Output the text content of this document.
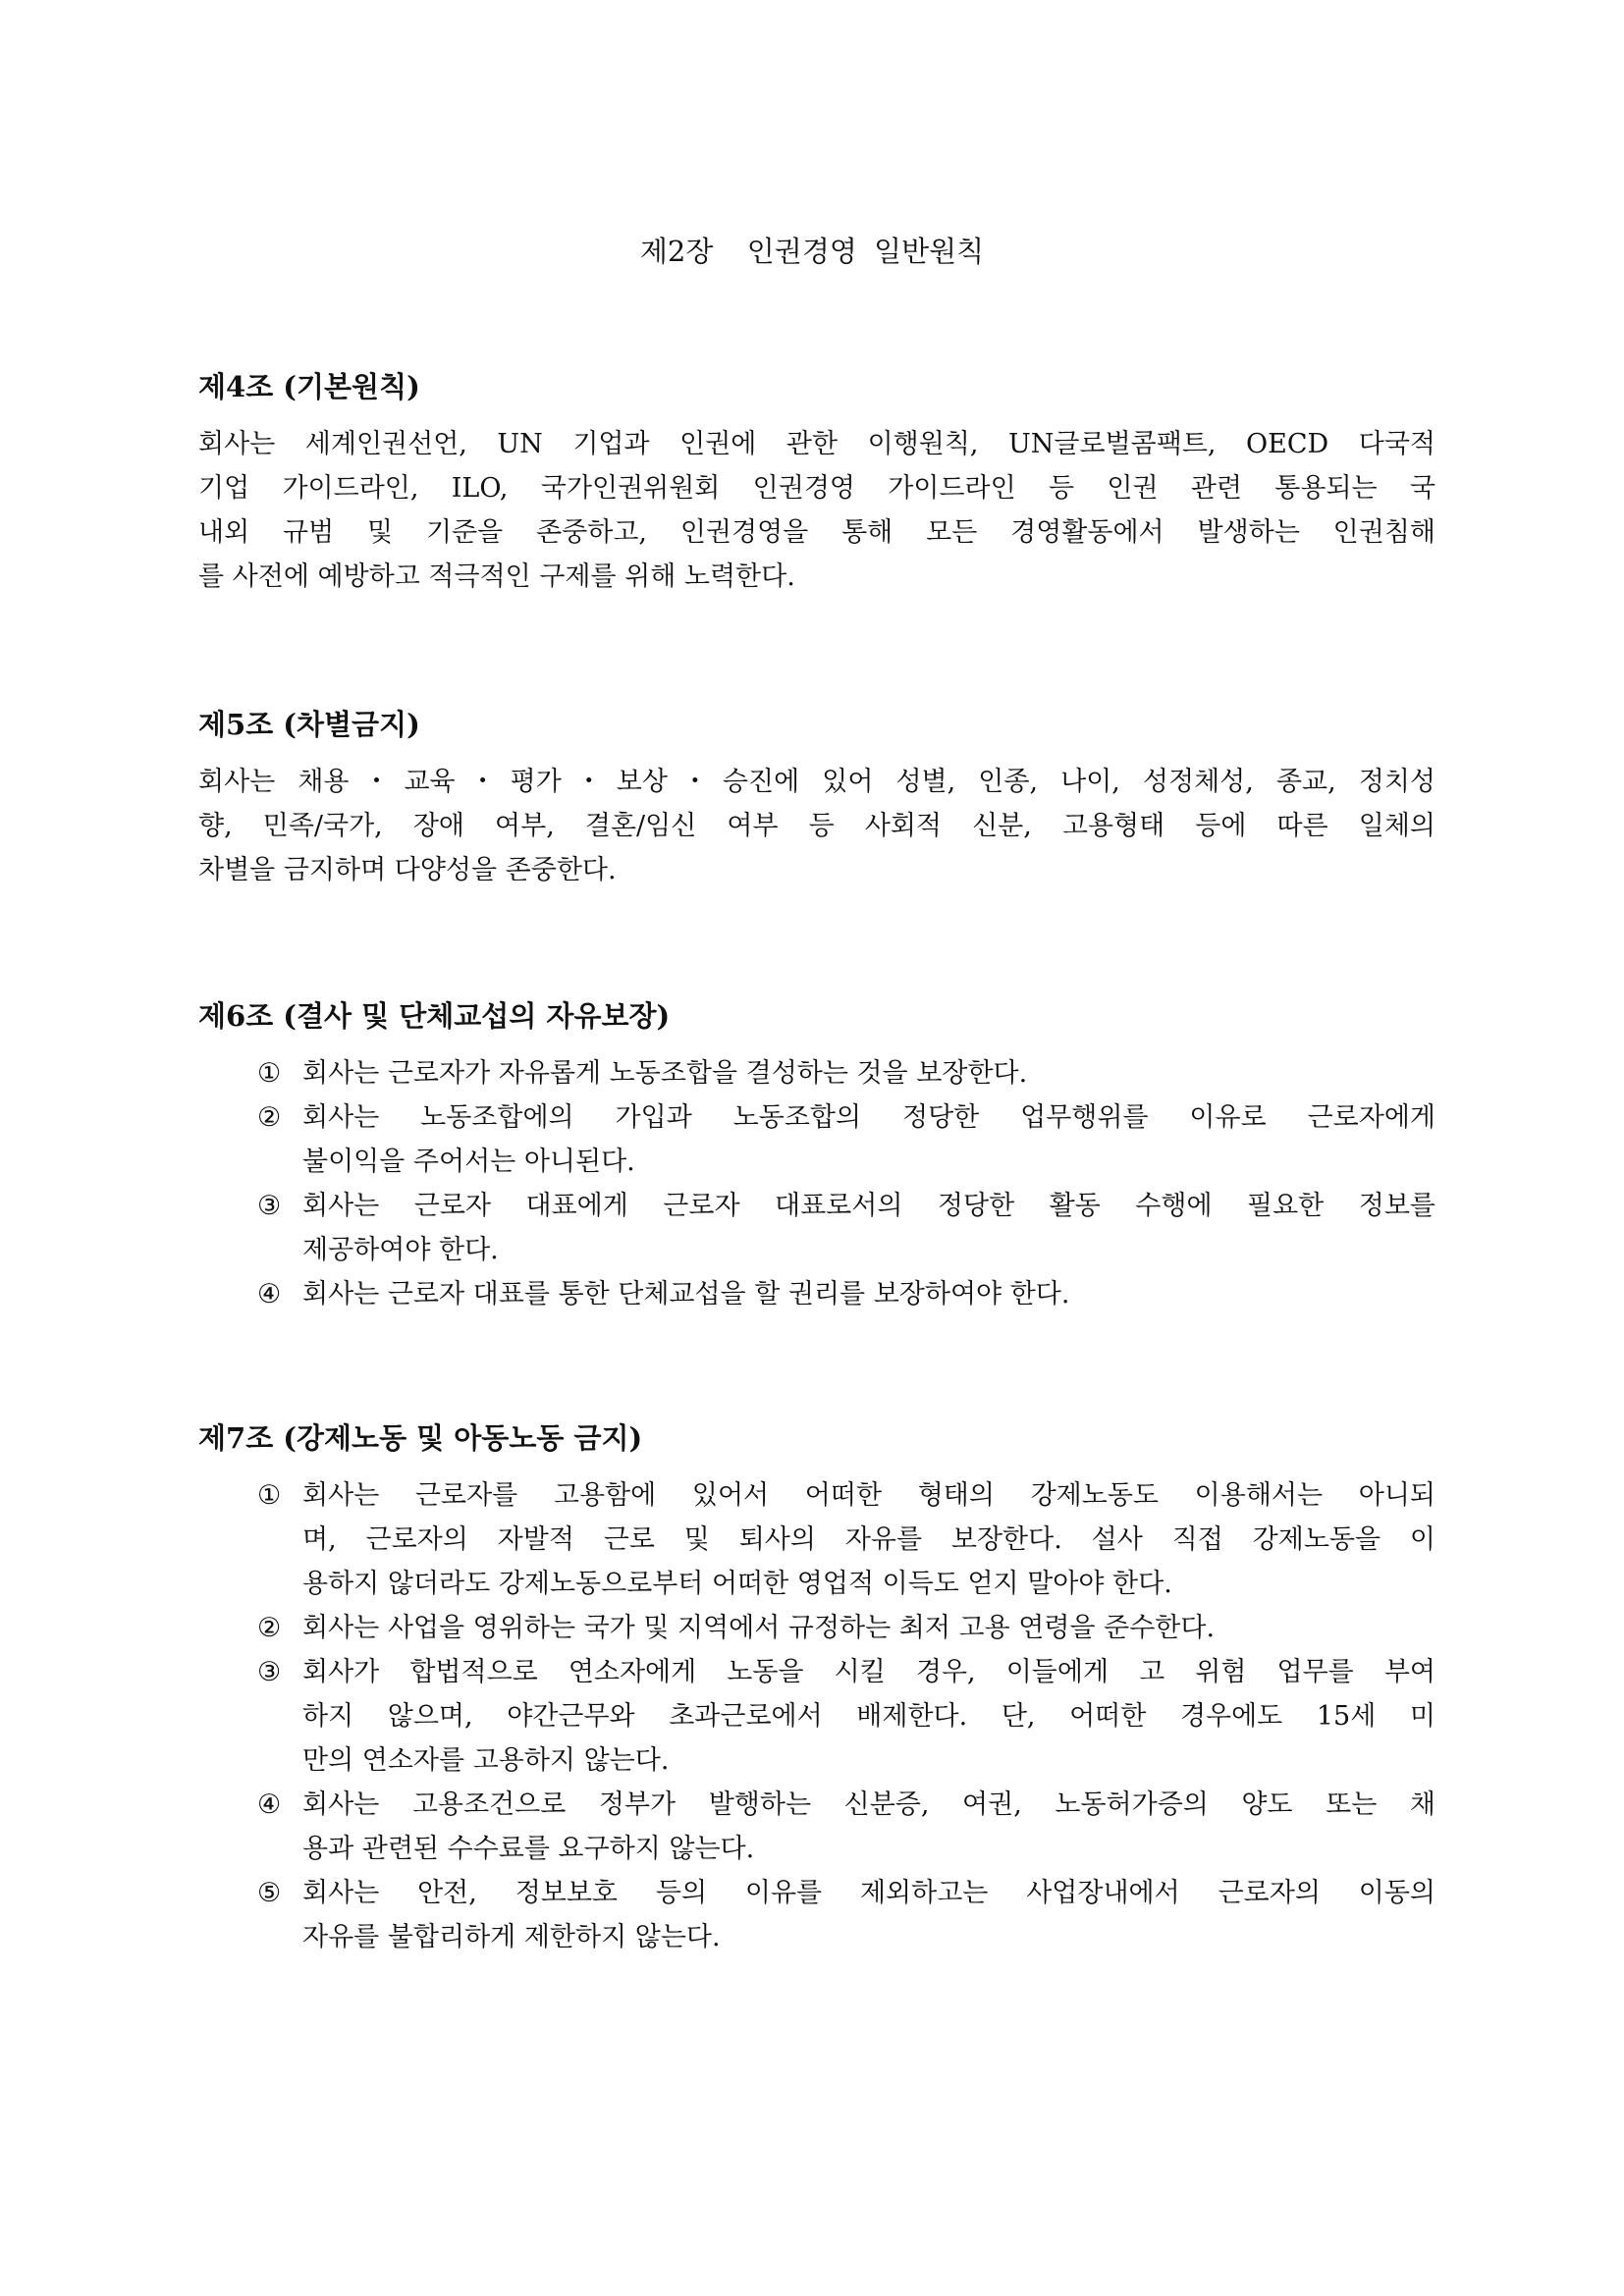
제2장  인권경영 일반원칙
제4조 (기본원칙)

회사는 세계인권선언, UN 기업과 인권에 관한 이행원칙, UN글로벌콤팩트, OECD 다국적
기업 가이드라인, ILO, 국가인권위원회 인권경영 가이드라인 등 인권 관련 통용되는 국
내외 규범 및 기준을 존중하고, 인권경영을 통해 모든 경영활동에서 발생하는 인권침해
를 사전에 예방하고 적극적인 구제를 위해 노력한다.

제5조 (차별금지)

회사는 채용・교육・평가・보상・승진에 있어 성별, 인종, 나이, 성정체성, 종교, 정치성
향, 민족/국가, 장애 여부, 결혼/임신 여부 등 사회적 신분, 고용형태 등에 따른 일체의
차별을 금지하며 다양성을 존중한다.

제6조 (결사 및 단체교섭의 자유보장)
① 회사는 근로자가 자유롭게 노동조합을 결성하는 것을 보장한다.
② 회사는 노동조합에의 가입과 노동조합의 정당한 업무행위를 이유로 근로자에게
불이익을 주어서는 아니된다.
③ 회사는 근로자 대표에게 근로자 대표로서의 정당한 활동 수행에 필요한 정보를
제공하여야 한다.
④ 회사는 근로자 대표를 통한 단체교섭을 할 권리를 보장하여야 한다.
제7조 (강제노동 및 아동노동 금지)
① 회사는 근로자를 고용함에 있어서 어떠한 형태의 강제노동도 이용해서는 아니되
며, 근로자의 자발적 근로 및 퇴사의 자유를 보장한다. 설사 직접 강제노동을 이
용하지 않더라도 강제노동으로부터 어떠한 영업적 이득도 얻지 말아야 한다.
② 회사는 사업을 영위하는 국가 및 지역에서 규정하는 최저 고용 연령을 준수한다.
③ 회사가 합법적으로 연소자에게 노동을 시킬 경우, 이들에게 고 위험 업무를 부여
하지 않으며, 야간근무와 초과근로에서 배제한다. 단, 어떠한 경우에도 15세 미
만의 연소자를 고용하지 않는다.
④ 회사는 고용조건으로 정부가 발행하는 신분증, 여권, 노동허가증의 양도 또는 채
용과 관련된 수수료를 요구하지 않는다.
⑤ 회사는 안전, 정보보호 등의 이유를 제외하고는 사업장내에서 근로자의 이동의
자유를 불합리하게 제한하지 않는다.
